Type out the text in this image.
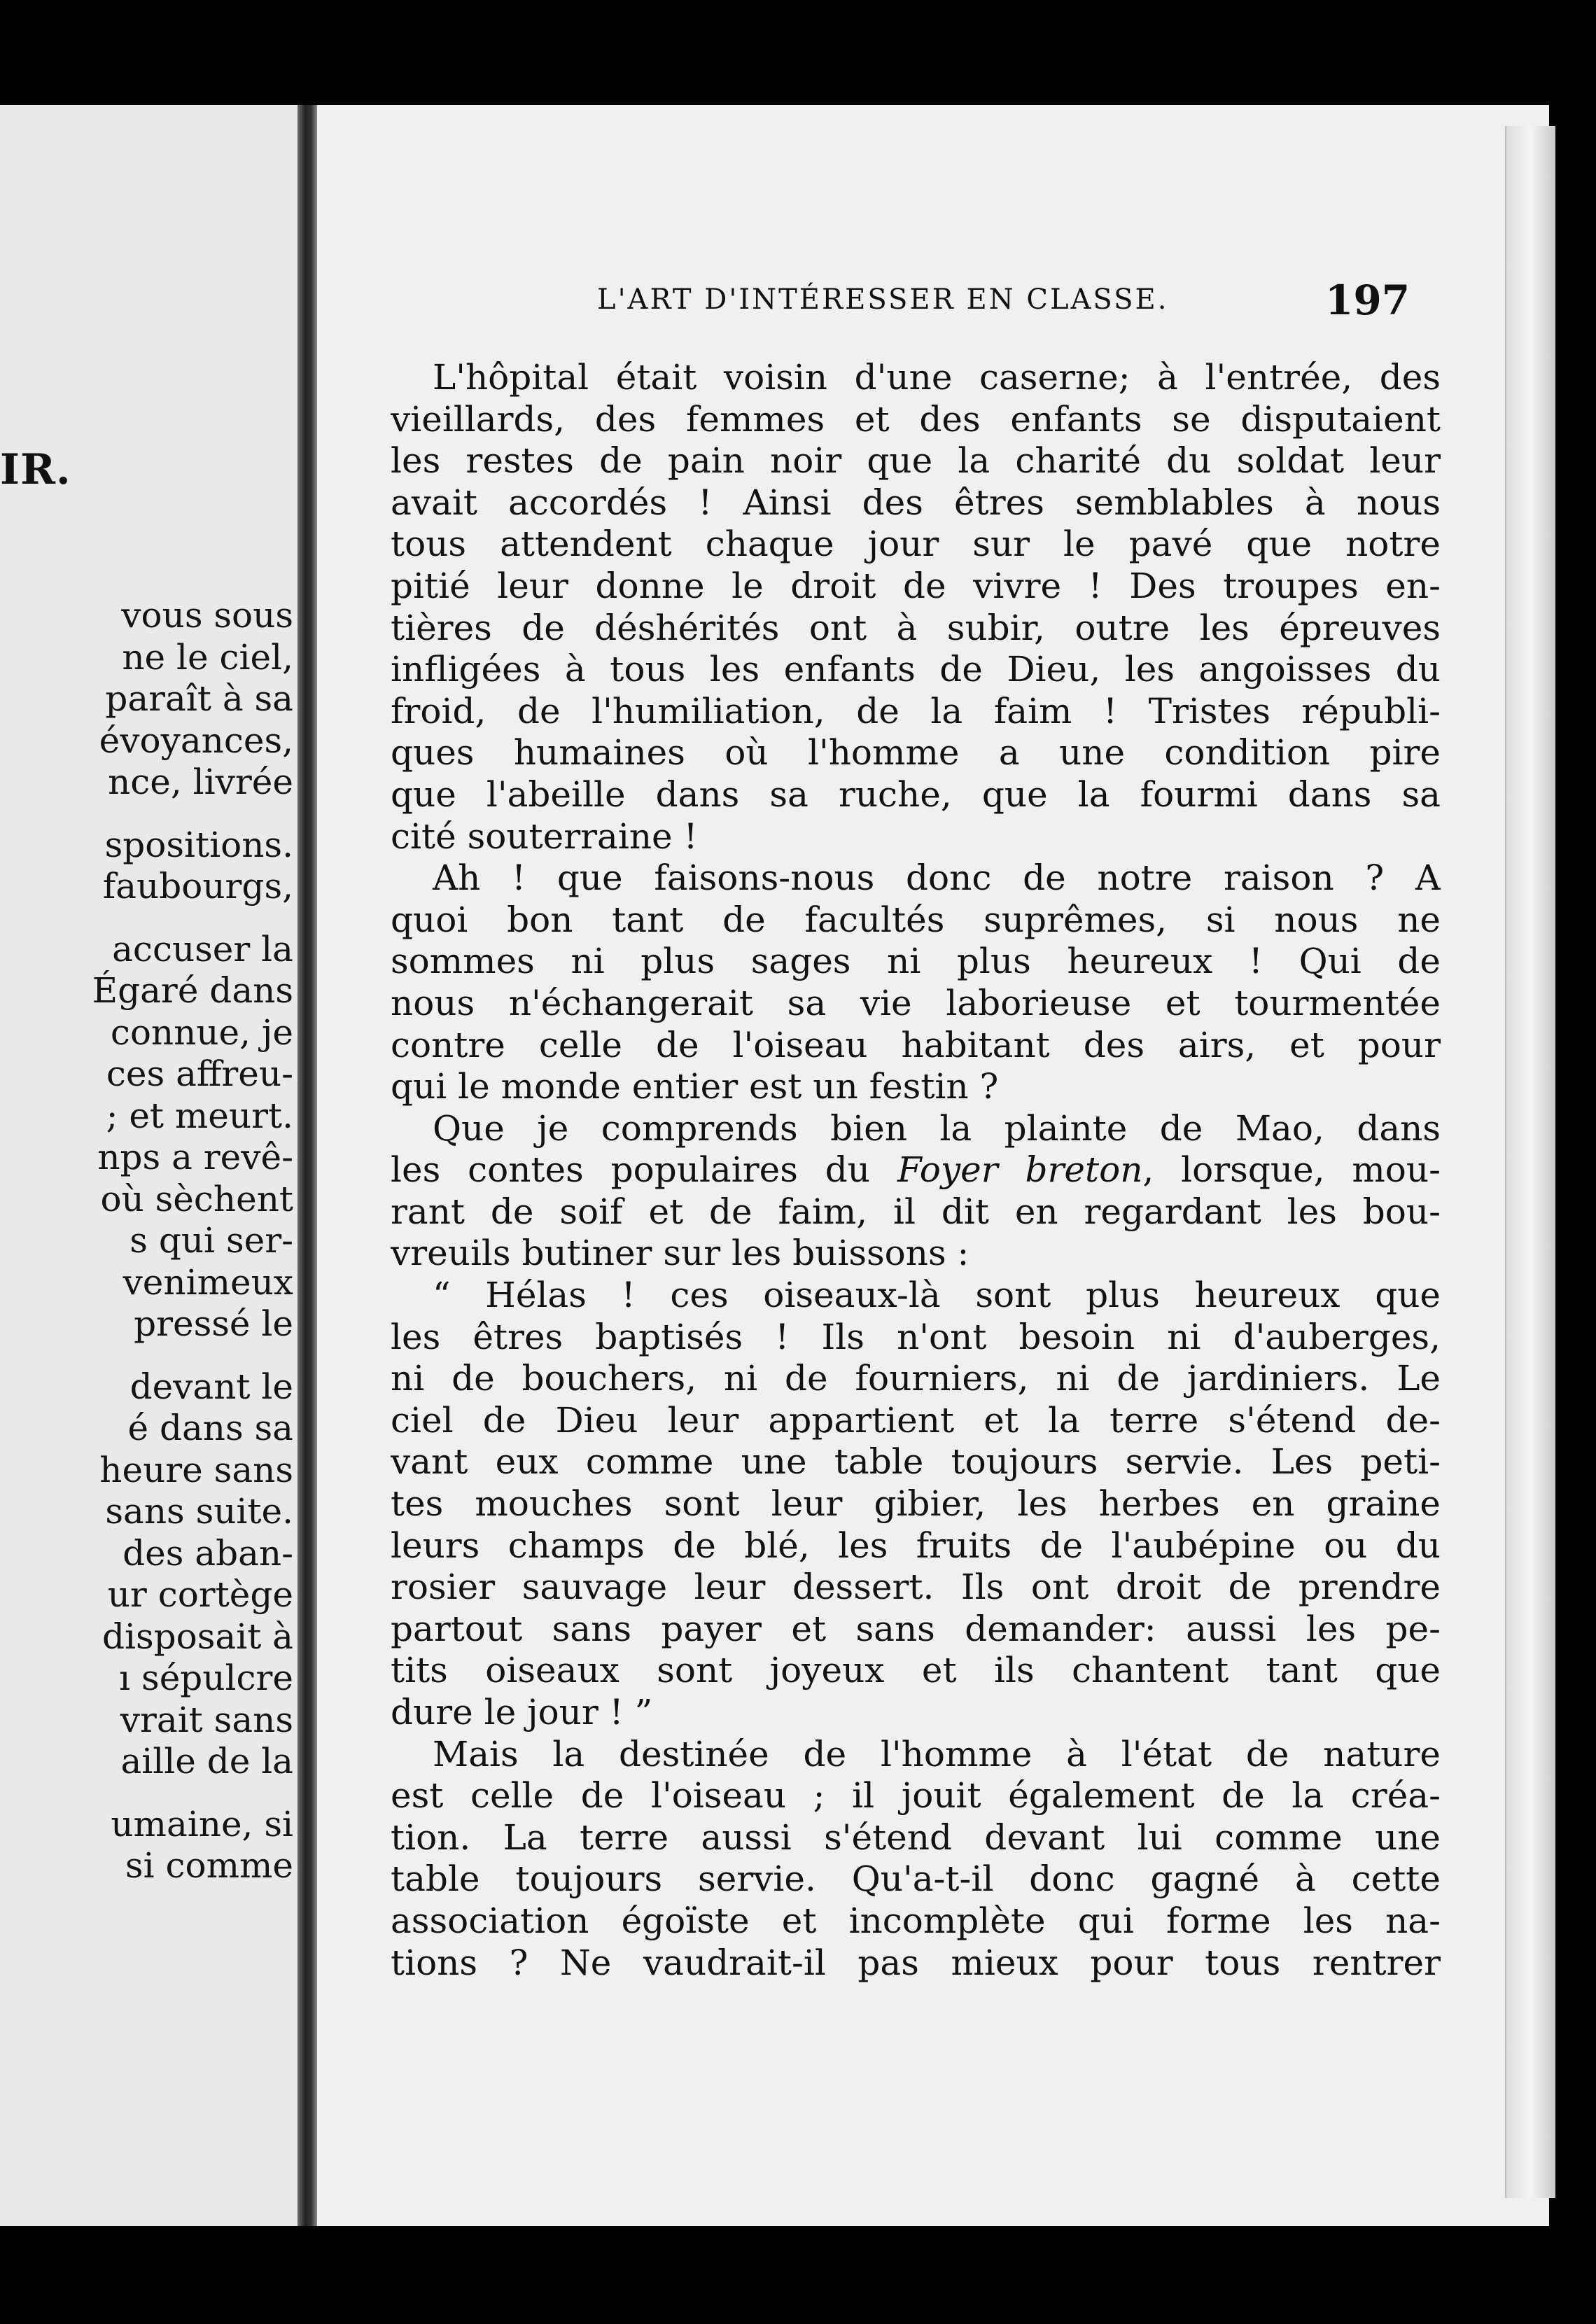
IR.
vous sous
ne le ciel,
paraît à sa
évoyances,
nce, livrée
spositions.
faubourgs,
accuser la
Égaré dans
connue, je
ces affreu-
; et meurt.
nps a revê-
où sèchent
s qui ser-
venimeux
pressé le
devant le
é dans sa
heure sans
sans suite.
des aban-
ur cortège
disposait à
ı sépulcre
vrait sans
aille de la
umaine, si
si comme
L'ART D'INTÉRESSER EN CLASSE.	197
L'hôpital était voisin d'une caserne; à l'entrée, des
vieillards, des femmes et des enfants se disputaient
les restes de pain noir que la charité du soldat leur
avait accordés ! Ainsi des êtres semblables à nous
tous attendent chaque jour sur le pavé que notre
pitié leur donne le droit de vivre ! Des troupes en-
tières de déshérités ont à subir, outre les épreuves
infligées à tous les enfants de Dieu, les angoisses du
froid, de l'humiliation, de la faim ! Tristes républi-
ques humaines où l'homme a une condition pire
que l'abeille dans sa ruche, que la fourmi dans sa
cité souterraine !
Ah ! que faisons-nous donc de notre raison ? A
quoi bon tant de facultés suprêmes, si nous ne
sommes ni plus sages ni plus heureux ! Qui de
nous n'échangerait sa vie laborieuse et tourmentée
contre celle de l'oiseau habitant des airs, et pour
qui le monde entier est un festin ?
Que je comprends bien la plainte de Mao, dans
les contes populaires du Foyer breton, lorsque, mou-
rant de soif et de faim, il dit en regardant les bou-
vreuils butiner sur les buissons :
“ Hélas ! ces oiseaux-là sont plus heureux que
les êtres baptisés ! Ils n'ont besoin ni d'auberges,
ni de bouchers, ni de fourniers, ni de jardiniers. Le
ciel de Dieu leur appartient et la terre s'étend de-
vant eux comme une table toujours servie. Les peti-
tes mouches sont leur gibier, les herbes en graine
leurs champs de blé, les fruits de l'aubépine ou du
rosier sauvage leur dessert. Ils ont droit de prendre
partout sans payer et sans demander: aussi les pe-
tits oiseaux sont joyeux et ils chantent tant que
dure le jour ! ”
Mais la destinée de l'homme à l'état de nature
est celle de l'oiseau ; il jouit également de la créa-
tion. La terre aussi s'étend devant lui comme une
table toujours servie. Qu'a-t-il donc gagné à cette
association égoïste et incomplète qui forme les na-
tions ? Ne vaudrait-il pas mieux pour tous rentrer
